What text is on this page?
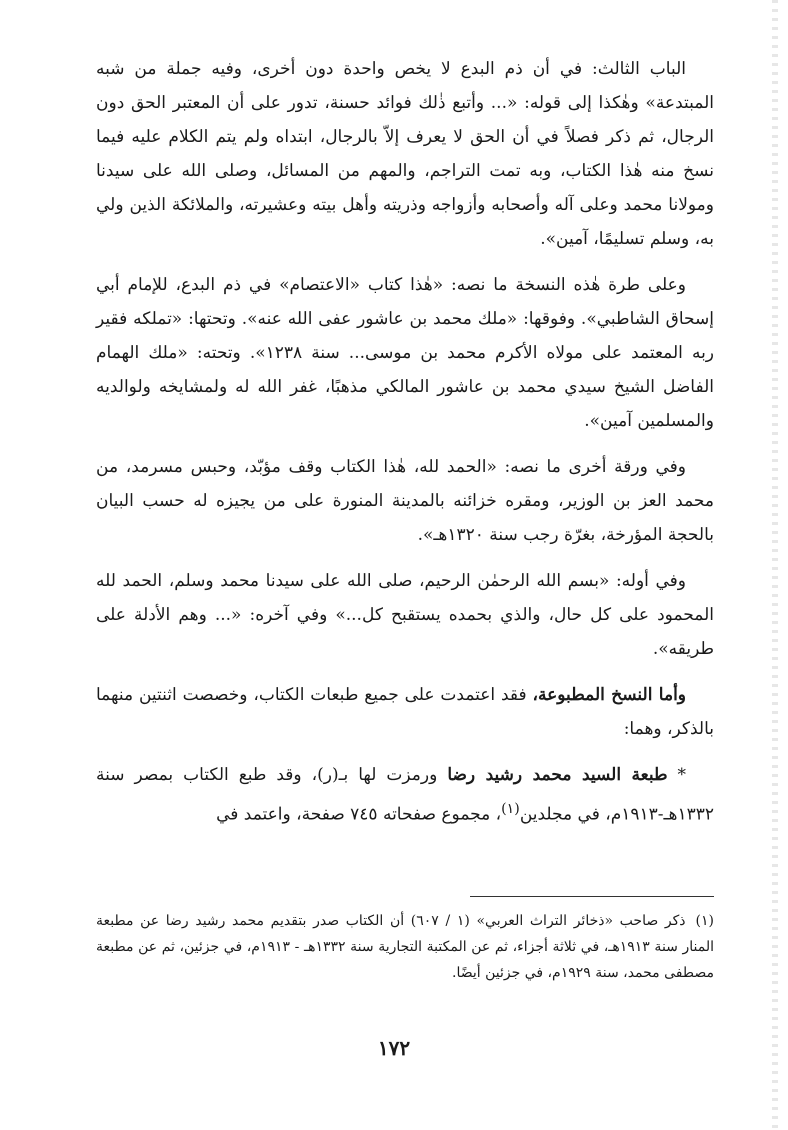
الباب الثالث: في أن ذم البدع لا يخص واحدة دون أخرى، وفيه جملة من شبه المبتدعة» وهٰكذا إلى قوله: «... وأتبع ذٰلك فوائد حسنة، تدور على أن المعتبر الحق دون الرجال، ثم ذكر فصلاً في أن الحق لا يعرف إلاّ بالرجال، ابتداه ولم يتم الكلام عليه فيما نسخ منه هٰذا الكتاب، وبه تمت التراجم، والمهم من المسائل، وصلى الله على سيدنا ومولانا محمد وعلى آله وأصحابه وأزواجه وذريته وأهل بيته وعشيرته، والملائكة الذين ولي به، وسلم تسليمًا، آمين».

وعلى طرة هٰذه النسخة ما نصه: «هٰذا كتاب «الاعتصام» في ذم البدع، للإمام أبي إسحاق الشاطبي». وفوقها: «ملك محمد بن عاشور عفى الله عنه». وتحتها: «تملكه فقير ربه المعتمد على مولاه الأكرم محمد بن موسى... سنة ١٢٣٨». وتحته: «ملك الهمام الفاضل الشيخ سيدي محمد بن عاشور المالكي مذهبًا، غفر الله له ولمشايخه ولوالديه والمسلمين آمين».

وفي ورقة أخرى ما نصه: «الحمد لله، هٰذا الكتاب وقف مؤبّد، وحبس مسرمد، من محمد العز بن الوزير، ومقره خزائنه بالمدينة المنورة على من يجيزه له حسب البيان بالحجة المؤرخة، بغرّة رجب سنة ١٣٢٠هـ».

وفي أوله: «بسم الله الرحمٰن الرحيم، صلى الله على سيدنا محمد وسلم، الحمد لله المحمود على كل حال، والذي بحمده يستقبح كل...» وفي آخره: «... وهم الأدلة على طريقه».

وأما النسخ المطبوعة، فقد اعتمدت على جميع طبعات الكتاب، وخصصت اثنتين منهما بالذكر، وهما:

* طبعة السيد محمد رشيد رضا ورمزت لها بـ(ر)، وقد طبع الكتاب بمصر سنة ١٣٣٢هـ-١٩١٣م، في مجلدين$^{(١)}$، مجموع صفحاته ٧٤٥ صفحة، واعتمد في

(١)ذكر صاحب «ذخائر التراث العربي» (١ / ٦٠٧) أن الكتاب صدر بتقديم محمد رشيد رضا عن مطبعة المنار سنة ١٩١٣هـ، في ثلاثة أجزاء، ثم عن المكتبة التجارية سنة ١٣٣٢هـ - ١٩١٣م، في جزئين، ثم عن مطبعة مصطفى محمد، سنة ١٩٢٩م، في جزئين أيضًا.
١٧٢
